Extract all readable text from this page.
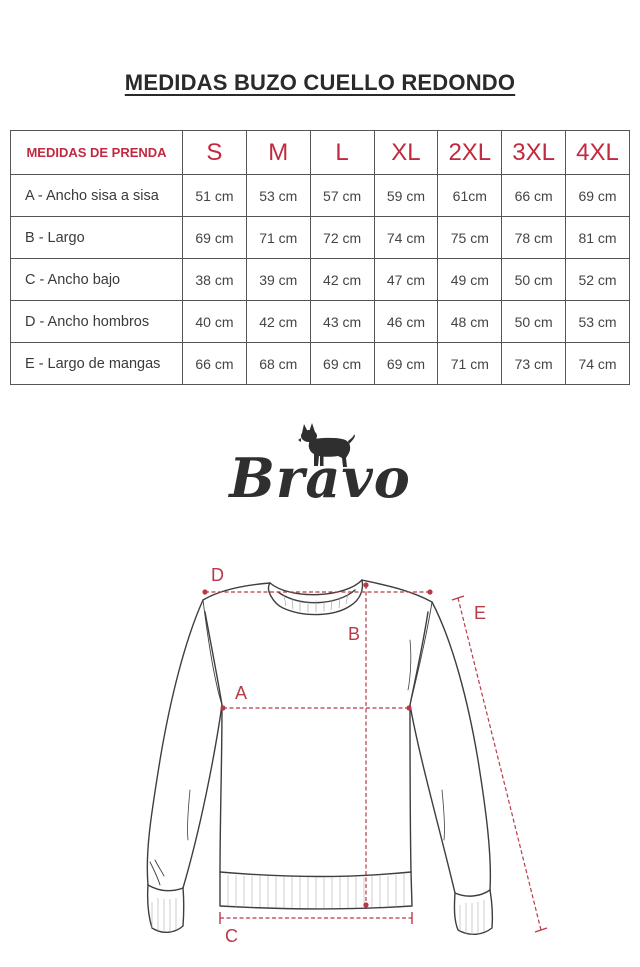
MEDIDAS BUZO CUELLO REDONDO
MEDIDAS DE PRENDA	S	M	L	XL	2XL	3XL	4XL
A - Ancho sisa a sisa	51 cm	53 cm	57 cm	59 cm	61cm	66 cm	69 cm
B - Largo	69 cm	71 cm	72 cm	74 cm	75 cm	78 cm	81 cm
C - Ancho bajo	38 cm	39 cm	42 cm	47 cm	49 cm	50 cm	52 cm
D - Ancho hombros	40 cm	42 cm	43 cm	46 cm	48 cm	50 cm	53 cm
E - Largo de mangas	66 cm	68 cm	69 cm	69 cm	71 cm	73 cm	74 cm
Bravo
D
B
A
E
C
